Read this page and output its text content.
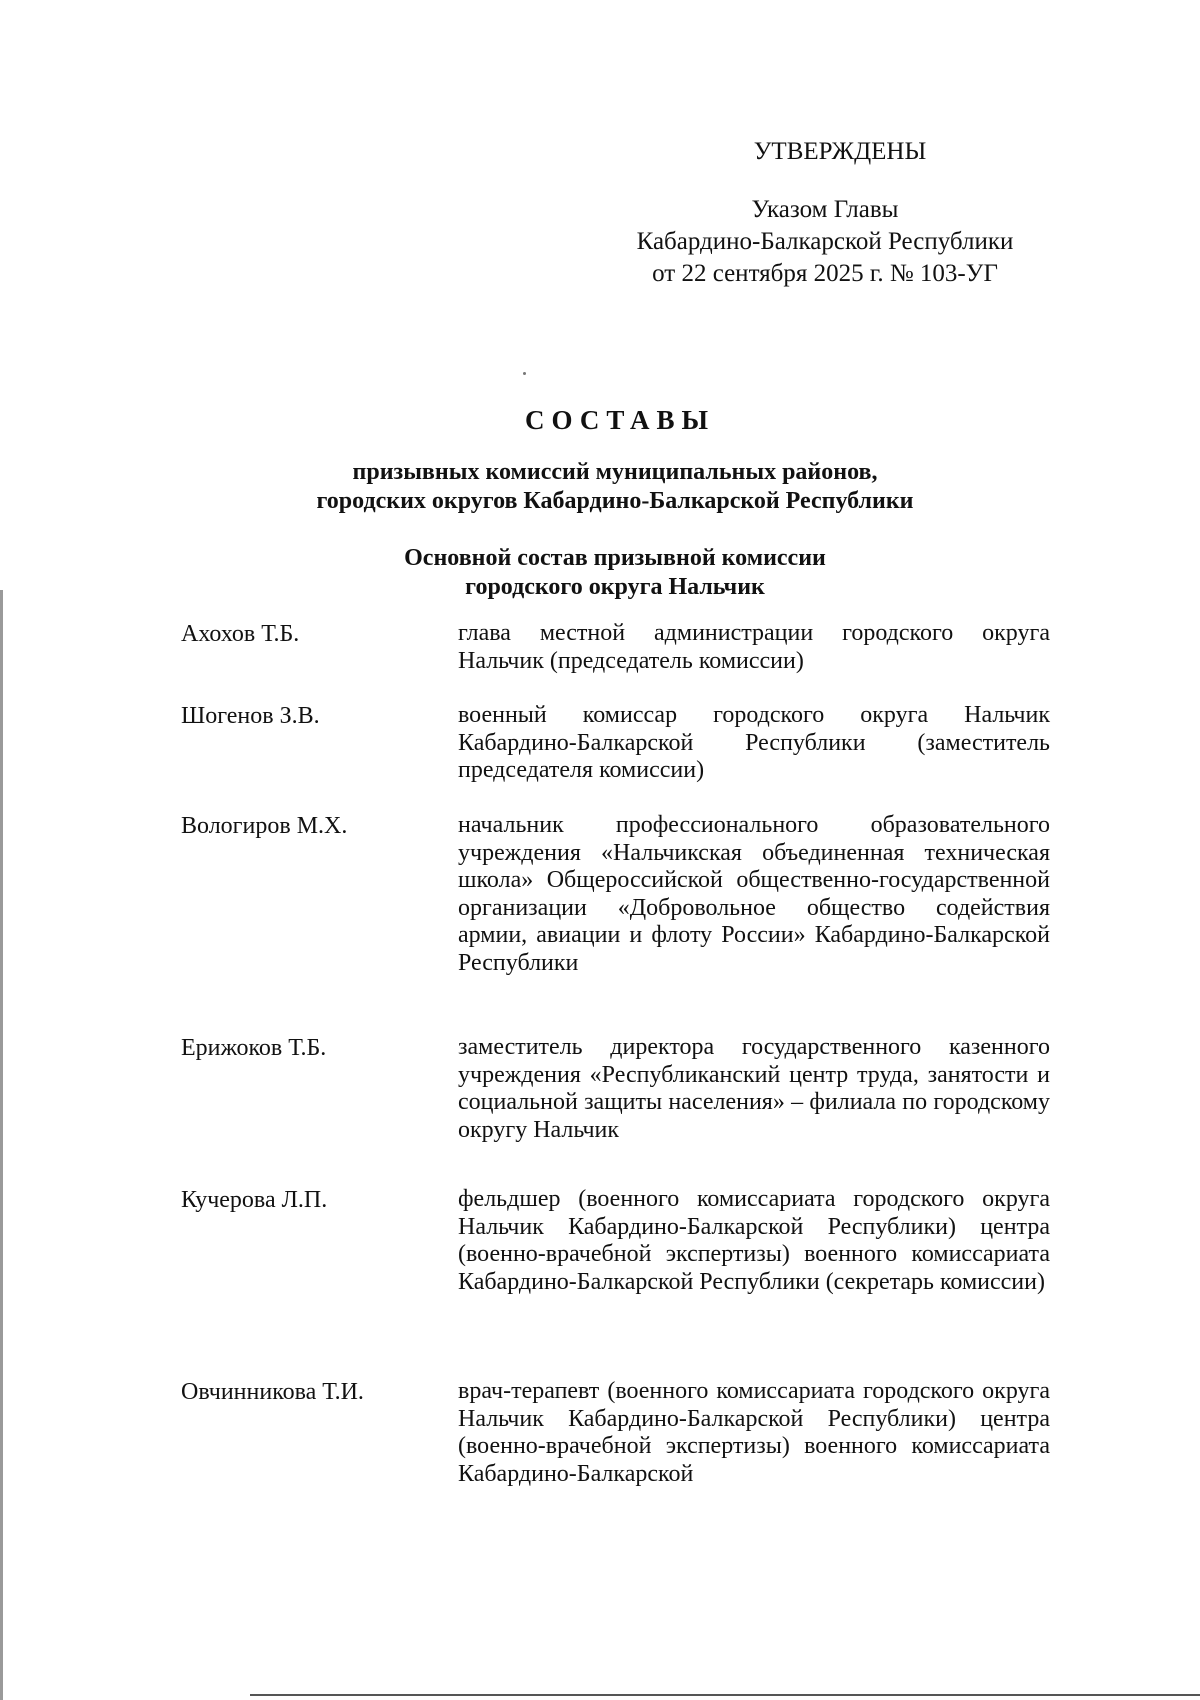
УТВЕРЖДЕНЫ
Указом Главы
Кабардино-Балкарской Республики
от 22 сентября 2025 г. № 103-УГ
СОСТАВЫ
призывных комиссий муниципальных районов,
городских округов Кабардино-Балкарской Республики
Основной состав призывной комиссии
городского округа Нальчик
Ахохов Т.Б.	глава местной администрации городского округа Нальчик (председатель комиссии)
Шогенов З.В.	военный комиссар городского округа Нальчик Кабардино-Балкарской Республики (заместитель председателя комиссии)
Вологиров М.Х.	начальник профессионального образовательного учреждения «Нальчикская объединенная техническая школа» Общероссийской общественно-государственной организации «Добровольное общество содействия армии, авиации и флоту России» Кабардино-Балкарской Республики
Ерижоков Т.Б.	заместитель директора государственного казенного учреждения «Республиканский центр труда, занятости и социальной защиты населения» – филиала по городскому округу Нальчик
Кучерова Л.П.	фельдшер (военного комиссариата городского округа Нальчик Кабардино-Балкарской Республики) центра (военно-врачебной экспертизы) военного комиссариата Кабардино-Балкарской Республики (секретарь комиссии)
Овчинникова Т.И.	врач-терапевт (военного комиссариата городского округа Нальчик Кабардино-Балкарской Республики) центра (военно-врачебной экспертизы) военного комиссариата Кабардино-Балкарской
